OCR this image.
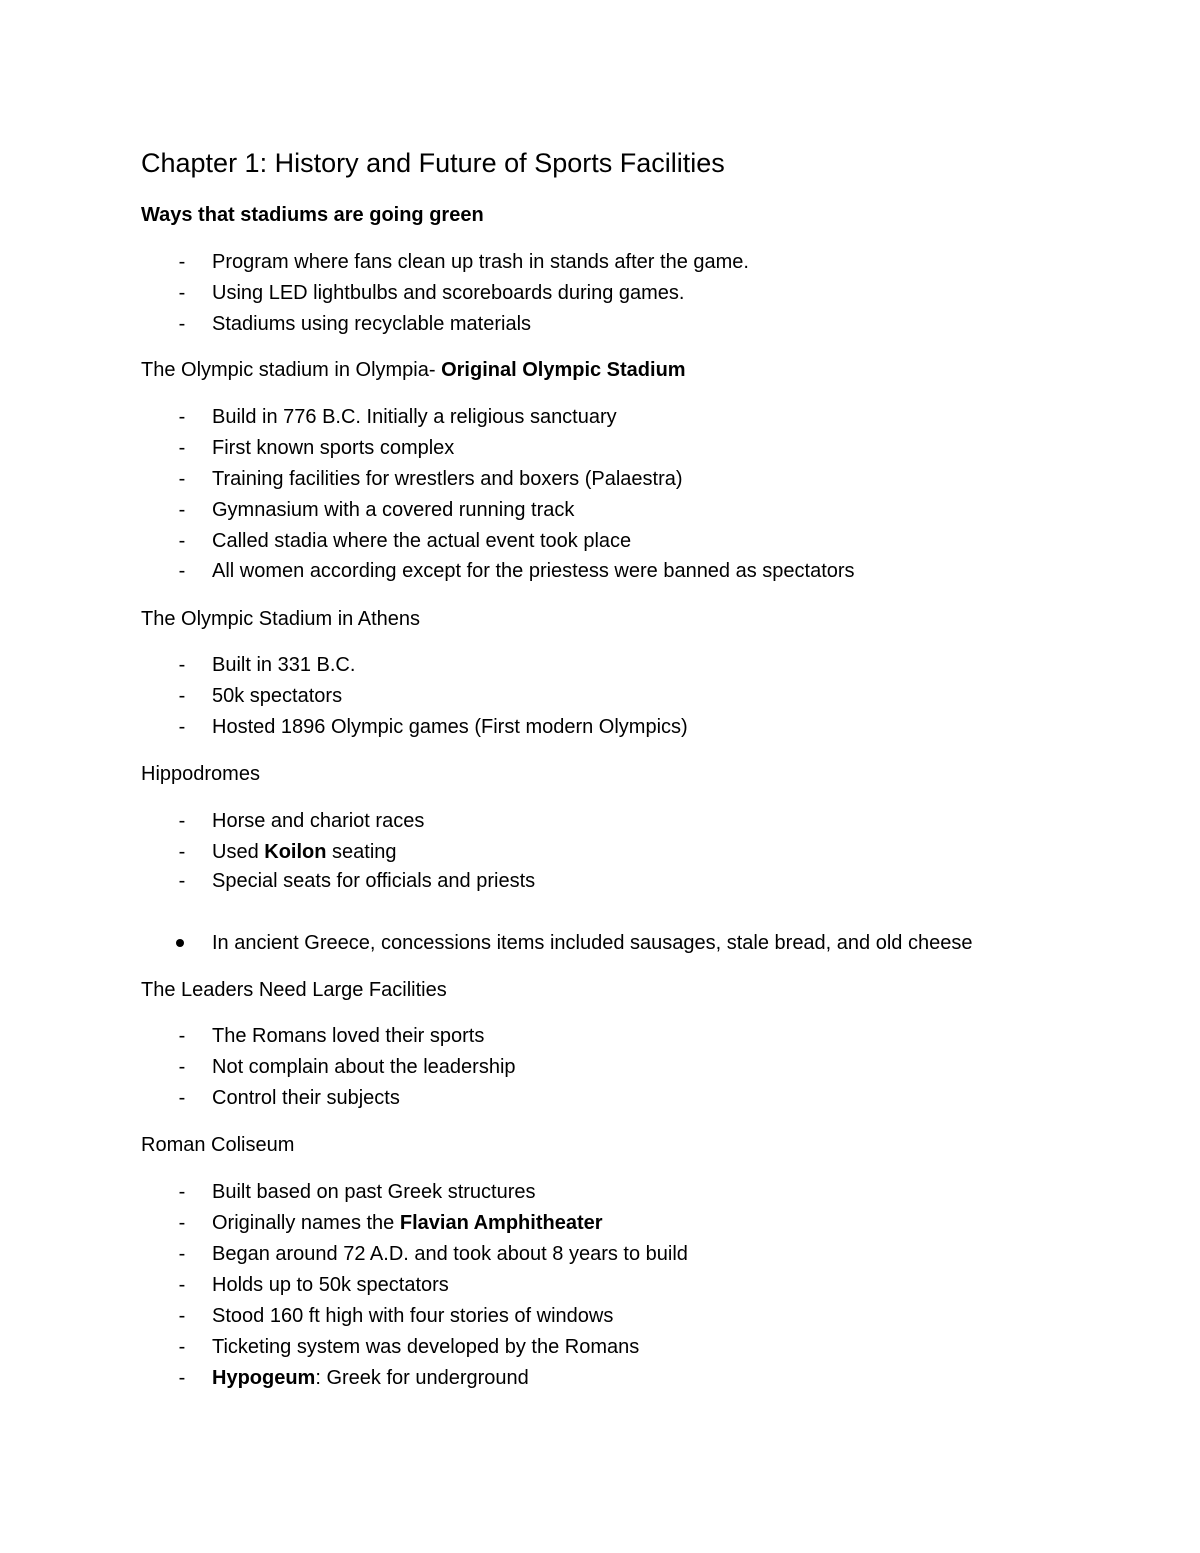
Chapter 1: History and Future of Sports Facilities
Ways that stadiums are going green
- Program where fans clean up trash in stands after the game.
- Using LED lightbulbs and scoreboards during games.
- Stadiums using recyclable materials
The Olympic stadium in Olympia- Original Olympic Stadium
- Build in 776 B.C. Initially a religious sanctuary
- First known sports complex
- Training facilities for wrestlers and boxers (Palaestra)
- Gymnasium with a covered running track
- Called stadia where the actual event took place
- All women according except for the priestess were banned as spectators
The Olympic Stadium in Athens
- Built in 331 B.C.
- 50k spectators
- Hosted 1896 Olympic games (First modern Olympics)
Hippodromes
- Horse and chariot races
- Used Koilon seating
- Special seats for officials and priests
In ancient Greece, concessions items included sausages, stale bread, and old cheese
The Leaders Need Large Facilities
- The Romans loved their sports
- Not complain about the leadership
- Control their subjects
Roman Coliseum
- Built based on past Greek structures
- Originally names the Flavian Amphitheater
- Began around 72 A.D. and took about 8 years to build
- Holds up to 50k spectators
- Stood 160 ft high with four stories of windows
- Ticketing system was developed by the Romans
- Hypogeum: Greek for underground
